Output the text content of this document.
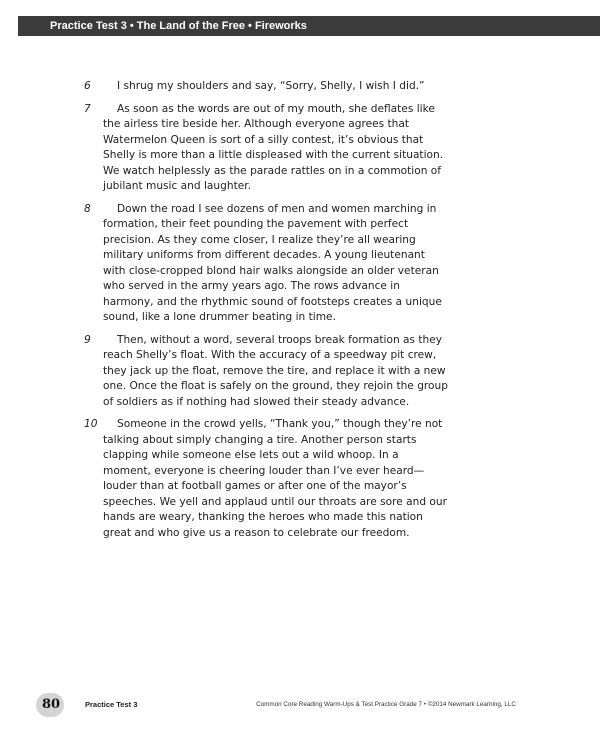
Practice Test 3 • The Land of the Free • Fireworks
6 I shrug my shoulders and say, “Sorry, Shelly, I wish I did.”
7 As soon as the words are out of my mouth, she deflates like the airless tire beside her. Although everyone agrees that Watermelon Queen is sort of a silly contest, it’s obvious that Shelly is more than a little displeased with the current situation. We watch helplessly as the parade rattles on in a commotion of jubilant music and laughter.
8 Down the road I see dozens of men and women marching in formation, their feet pounding the pavement with perfect precision. As they come closer, I realize they’re all wearing military uniforms from different decades. A young lieutenant with close-cropped blond hair walks alongside an older veteran who served in the army years ago. The rows advance in harmony, and the rhythmic sound of footsteps creates a unique sound, like a lone drummer beating in time.
9 Then, without a word, several troops break formation as they reach Shelly’s float. With the accuracy of a speedway pit crew, they jack up the float, remove the tire, and replace it with a new one. Once the float is safely on the ground, they rejoin the group of soldiers as if nothing had slowed their steady advance.
10 Someone in the crowd yells, “Thank you,” though they’re not talking about simply changing a tire. Another person starts clapping while someone else lets out a wild whoop. In a moment, everyone is cheering louder than I’ve ever heard—louder than at football games or after one of the mayor’s speeches. We yell and applaud until our throats are sore and our hands are weary, thanking the heroes who made this nation great and who give us a reason to celebrate our freedom.
80	Practice Test 3	Common Core Reading Warm-Ups & Test Practice Grade 7 • ©2014 Newmark Learning, LLC
